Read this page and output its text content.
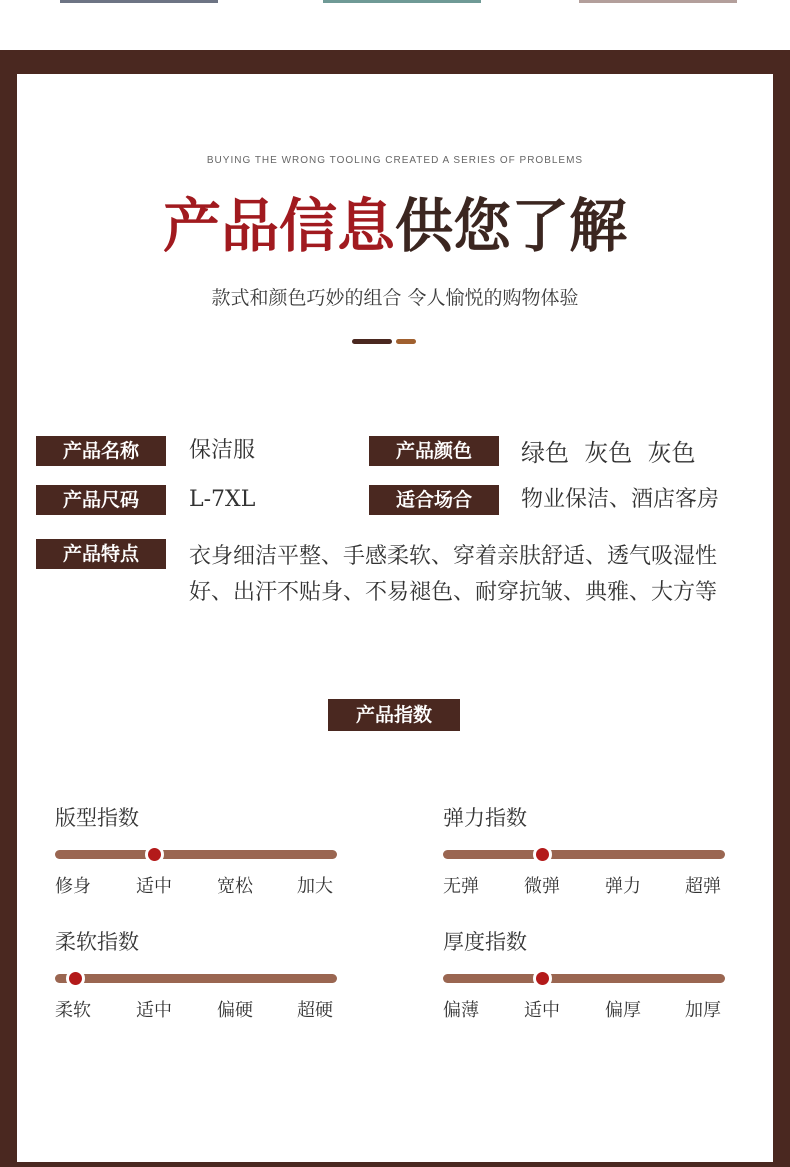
BUYING THE WRONG TOOLING CREATED A SERIES OF PROBLEMS
产品信息供您了解
款式和颜色巧妙的组合 令人愉悦的购物体验
产品名称	保洁服	产品颜色	绿色  灰色  灰色
产品尺码	L-7XL	适合场合	物业保洁、酒店客房
产品特点	衣身细洁平整、手感柔软、穿着亲肤舒适、透气吸湿性好、出汗不贴身、不易褪色、耐穿抗皱、典雅、大方等
产品指数
版型指数
修身	适中	宽松 加大
弹力指数
无弹	微弹	弹力 超弹
柔软指数
柔软	适中	偏硬 超硬
厚度指数
偏薄	适中	偏厚 加厚
